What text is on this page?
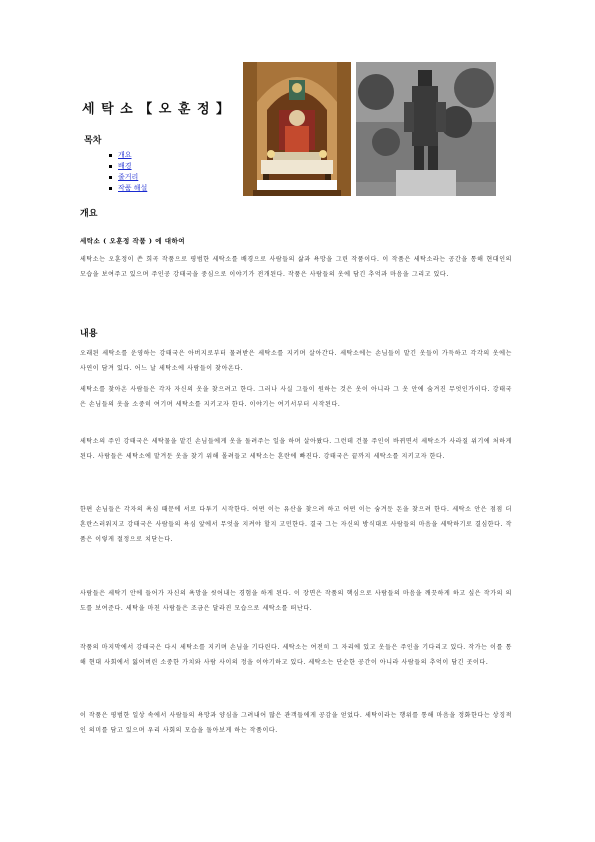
세 탁 소 【 오 훈 정 】
목차
개요
배경
줄거리
작품 해설
개요
세탁소 ( 오훈정 작품 ) 에 대하여

세탁소는 오훈정이 쓴 희곡 작품으로 평범한 세탁소를 배경으로 사람들의 삶과 욕망을 그린 작품이다. 이 작품은 세탁소라는 공간을 통해 현대인의 모습을 보여주고 있으며 주인공 강태국을 중심으로 이야기가 전개된다. 작품은 사람들의 옷에 담긴 추억과 마음을 그리고 있다.

내용

오래된 세탁소를 운영하는 강태국은 아버지로부터 물려받은 세탁소를 지키며 살아간다. 세탁소에는 손님들이 맡긴 옷들이 가득하고 각각의 옷에는 사연이 담겨 있다. 어느 날 세탁소에 사람들이 찾아온다.

세탁소를 찾아온 사람들은 각자 자신의 옷을 찾으려고 한다. 그러나 사실 그들이 원하는 것은 옷이 아니라 그 옷 안에 숨겨진 무엇인가이다. 강태국은 손님들의 옷을 소중히 여기며 세탁소를 지키고자 한다. 이야기는 여기서부터 시작된다.

세탁소의 주인 강태국은 세탁물을 맡긴 손님들에게 옷을 돌려주는 일을 하며 살아왔다. 그런데 건물 주인이 바뀌면서 세탁소가 사라질 위기에 처하게 된다. 사람들은 세탁소에 맡겨둔 옷을 찾기 위해 몰려들고 세탁소는 혼란에 빠진다. 강태국은 끝까지 세탁소를 지키고자 한다.

한편 손님들은 각자의 욕심 때문에 서로 다투기 시작한다. 어떤 이는 유산을 찾으려 하고 어떤 이는 숨겨둔 돈을 찾으려 한다. 세탁소 안은 점점 더 혼란스러워지고 강태국은 사람들의 욕심 앞에서 무엇을 지켜야 할지 고민한다. 결국 그는 자신의 방식대로 사람들의 마음을 세탁하기로 결심한다. 작품은 이렇게 절정으로 치닫는다.

사람들은 세탁기 안에 들어가 자신의 욕망을 씻어내는 경험을 하게 된다. 이 장면은 작품의 핵심으로 사람들의 마음을 깨끗하게 하고 싶은 작가의 의도를 보여준다. 세탁을 마친 사람들은 조금은 달라진 모습으로 세탁소를 떠난다.

작품의 마지막에서 강태국은 다시 세탁소를 지키며 손님을 기다린다. 세탁소는 여전히 그 자리에 있고 옷들은 주인을 기다리고 있다. 작가는 이를 통해 현대 사회에서 잃어버린 소중한 가치와 사람 사이의 정을 이야기하고 있다. 세탁소는 단순한 공간이 아니라 사람들의 추억이 담긴 곳이다.

이 작품은 평범한 일상 속에서 사람들의 욕망과 양심을 그려내어 많은 관객들에게 공감을 얻었다. 세탁이라는 행위를 통해 마음을 정화한다는 상징적인 의미를 담고 있으며 우리 사회의 모습을 돌아보게 하는 작품이다.
